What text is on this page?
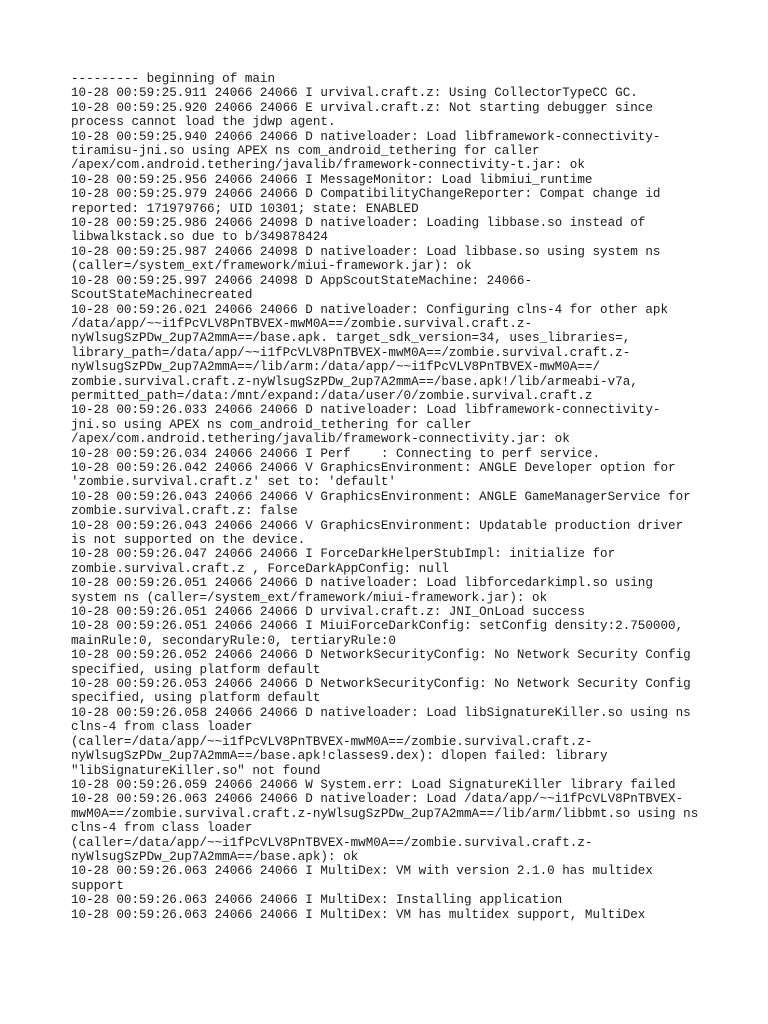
--------- beginning of main
10-28 00:59:25.911 24066 24066 I urvival.craft.z: Using CollectorTypeCC GC.
10-28 00:59:25.920 24066 24066 E urvival.craft.z: Not starting debugger since
process cannot load the jdwp agent.
10-28 00:59:25.940 24066 24066 D nativeloader: Load libframework-connectivity-
tiramisu-jni.so using APEX ns com_android_tethering for caller
/apex/com.android.tethering/javalib/framework-connectivity-t.jar: ok
10-28 00:59:25.956 24066 24066 I MessageMonitor: Load libmiui_runtime
10-28 00:59:25.979 24066 24066 D CompatibilityChangeReporter: Compat change id
reported: 171979766; UID 10301; state: ENABLED
10-28 00:59:25.986 24066 24098 D nativeloader: Loading libbase.so instead of
libwalkstack.so due to b/349878424
10-28 00:59:25.987 24066 24098 D nativeloader: Load libbase.so using system ns
(caller=/system_ext/framework/miui-framework.jar): ok
10-28 00:59:25.997 24066 24098 D AppScoutStateMachine: 24066-
ScoutStateMachinecreated
10-28 00:59:26.021 24066 24066 D nativeloader: Configuring clns-4 for other apk
/data/app/~~i1fPcVLV8PnTBVEX-mwM0A==/zombie.survival.craft.z-
nyWlsugSzPDw_2up7A2mmA==/base.apk. target_sdk_version=34, uses_libraries=,
library_path=/data/app/~~i1fPcVLV8PnTBVEX-mwM0A==/zombie.survival.craft.z-
nyWlsugSzPDw_2up7A2mmA==/lib/arm:/data/app/~~i1fPcVLV8PnTBVEX-mwM0A==/
zombie.survival.craft.z-nyWlsugSzPDw_2up7A2mmA==/base.apk!/lib/armeabi-v7a,
permitted_path=/data:/mnt/expand:/data/user/0/zombie.survival.craft.z
10-28 00:59:26.033 24066 24066 D nativeloader: Load libframework-connectivity-
jni.so using APEX ns com_android_tethering for caller
/apex/com.android.tethering/javalib/framework-connectivity.jar: ok
10-28 00:59:26.034 24066 24066 I Perf    : Connecting to perf service.
10-28 00:59:26.042 24066 24066 V GraphicsEnvironment: ANGLE Developer option for
'zombie.survival.craft.z' set to: 'default'
10-28 00:59:26.043 24066 24066 V GraphicsEnvironment: ANGLE GameManagerService for
zombie.survival.craft.z: false
10-28 00:59:26.043 24066 24066 V GraphicsEnvironment: Updatable production driver
is not supported on the device.
10-28 00:59:26.047 24066 24066 I ForceDarkHelperStubImpl: initialize for
zombie.survival.craft.z , ForceDarkAppConfig: null
10-28 00:59:26.051 24066 24066 D nativeloader: Load libforcedarkimpl.so using
system ns (caller=/system_ext/framework/miui-framework.jar): ok
10-28 00:59:26.051 24066 24066 D urvival.craft.z: JNI_OnLoad success
10-28 00:59:26.051 24066 24066 I MiuiForceDarkConfig: setConfig density:2.750000,
mainRule:0, secondaryRule:0, tertiaryRule:0
10-28 00:59:26.052 24066 24066 D NetworkSecurityConfig: No Network Security Config
specified, using platform default
10-28 00:59:26.053 24066 24066 D NetworkSecurityConfig: No Network Security Config
specified, using platform default
10-28 00:59:26.058 24066 24066 D nativeloader: Load libSignatureKiller.so using ns
clns-4 from class loader
(caller=/data/app/~~i1fPcVLV8PnTBVEX-mwM0A==/zombie.survival.craft.z-
nyWlsugSzPDw_2up7A2mmA==/base.apk!classes9.dex): dlopen failed: library
"libSignatureKiller.so" not found
10-28 00:59:26.059 24066 24066 W System.err: Load SignatureKiller library failed
10-28 00:59:26.063 24066 24066 D nativeloader: Load /data/app/~~i1fPcVLV8PnTBVEX-
mwM0A==/zombie.survival.craft.z-nyWlsugSzPDw_2up7A2mmA==/lib/arm/libbmt.so using ns
clns-4 from class loader
(caller=/data/app/~~i1fPcVLV8PnTBVEX-mwM0A==/zombie.survival.craft.z-
nyWlsugSzPDw_2up7A2mmA==/base.apk): ok
10-28 00:59:26.063 24066 24066 I MultiDex: VM with version 2.1.0 has multidex
support
10-28 00:59:26.063 24066 24066 I MultiDex: Installing application
10-28 00:59:26.063 24066 24066 I MultiDex: VM has multidex support, MultiDex
